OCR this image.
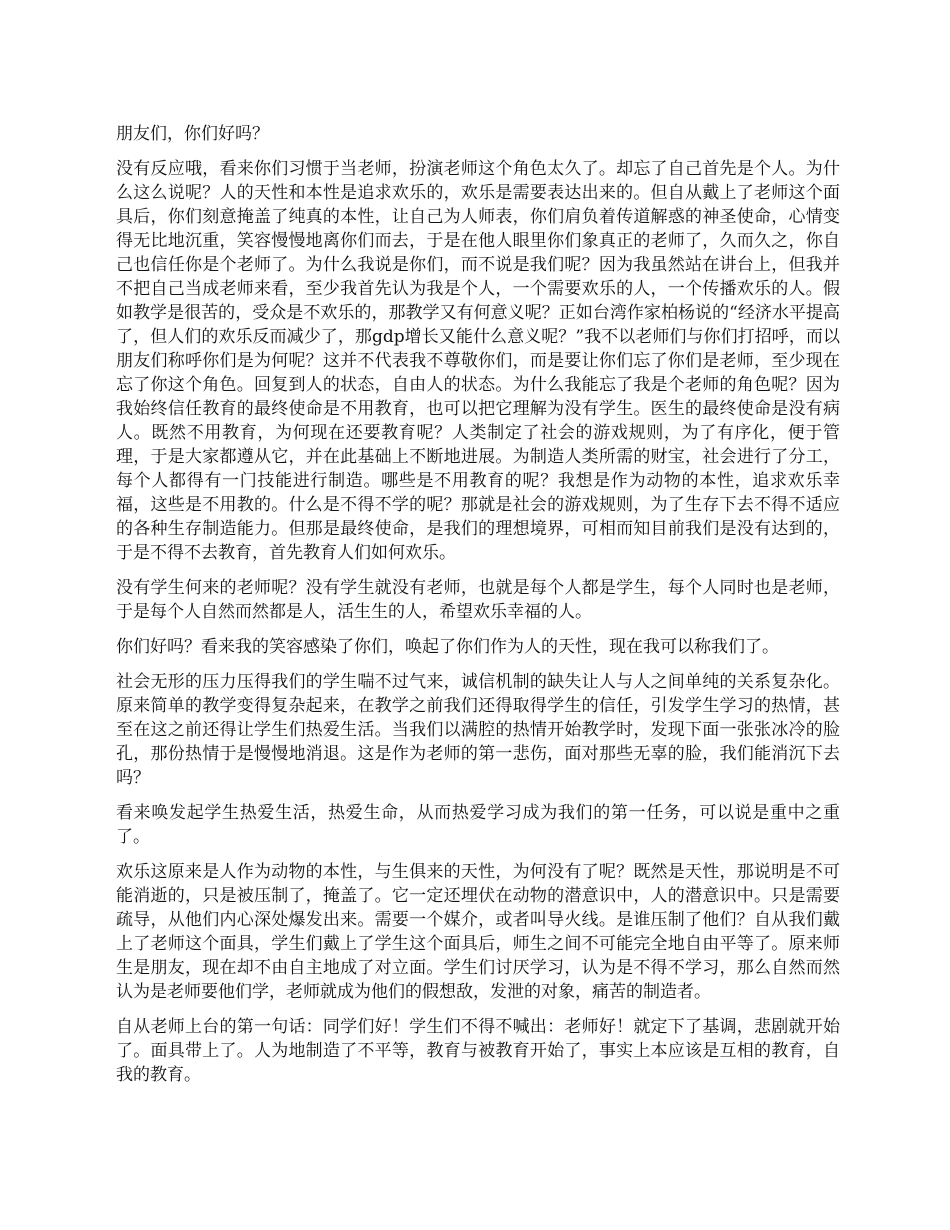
朋友们，你们好吗？

没有反应哦，看来你们习惯于当老师，扮演老师这个角色太久了。却忘了自己首先是个人。为什么这么说呢？人的天性和本性是追求欢乐的，欢乐是需要表达出来的。但自从戴上了老师这个面具后，你们刻意掩盖了纯真的本性，让自己为人师表，你们肩负着传道解惑的神圣使命，心情变得无比地沉重，笑容慢慢地离你们而去，于是在他人眼里你们象真正的老师了，久而久之，你自己也信任你是个老师了。为什么我说是你们，而不说是我们呢？因为我虽然站在讲台上，但我并不把自己当成老师来看，至少我首先认为我是个人，一个需要欢乐的人，一个传播欢乐的人。假如教学是很苦的，受众是不欢乐的，那教学又有何意义呢？正如台湾作家柏杨说的“经济水平提高了，但人们的欢乐反而减少了，那gdp增长又能什么意义呢？”我不以老师们与你们打招呼，而以朋友们称呼你们是为何呢？这并不代表我不尊敬你们，而是要让你们忘了你们是老师，至少现在忘了你这个角色。回复到人的状态，自由人的状态。为什么我能忘了我是个老师的角色呢？因为我始终信任教育的最终使命是不用教育，也可以把它理解为没有学生。医生的最终使命是没有病人。既然不用教育，为何现在还要教育呢？人类制定了社会的游戏规则，为了有序化，便于管理，于是大家都遵从它，并在此基础上不断地进展。为制造人类所需的财宝，社会进行了分工，每个人都得有一门技能进行制造。哪些是不用教育的呢？我想是作为动物的本性，追求欢乐幸福，这些是不用教的。什么是不得不学的呢？那就是社会的游戏规则，为了生存下去不得不适应的各种生存制造能力。但那是最终使命，是我们的理想境界，可相而知目前我们是没有达到的，于是不得不去教育，首先教育人们如何欢乐。

没有学生何来的老师呢？没有学生就没有老师，也就是每个人都是学生，每个人同时也是老师，于是每个人自然而然都是人，活生生的人，希望欢乐幸福的人。

你们好吗？看来我的笑容感染了你们，唤起了你们作为人的天性，现在我可以称我们了。

社会无形的压力压得我们的学生喘不过气来，诚信机制的缺失让人与人之间单纯的关系复杂化。原来简单的教学变得复杂起来，在教学之前我们还得取得学生的信任，引发学生学习的热情，甚至在这之前还得让学生们热爱生活。当我们以满腔的热情开始教学时，发现下面一张张冰冷的脸孔，那份热情于是慢慢地消退。这是作为老师的第一悲伤，面对那些无辜的脸，我们能消沉下去吗？

看来唤发起学生热爱生活，热爱生命，从而热爱学习成为我们的第一任务，可以说是重中之重了。

欢乐这原来是人作为动物的本性，与生俱来的天性，为何没有了呢？既然是天性，那说明是不可能消逝的，只是被压制了，掩盖了。它一定还埋伏在动物的潜意识中，人的潜意识中。只是需要疏导，从他们内心深处爆发出来。需要一个媒介，或者叫导火线。是谁压制了他们？自从我们戴上了老师这个面具，学生们戴上了学生这个面具后，师生之间不可能完全地自由平等了。原来师生是朋友，现在却不由自主地成了对立面。学生们讨厌学习，认为是不得不学习，那么自然而然认为是老师要他们学，老师就成为他们的假想敌，发泄的对象，痛苦的制造者。

自从老师上台的第一句话：同学们好！学生们不得不喊出：老师好！就定下了基调，悲剧就开始了。面具带上了。人为地制造了不平等，教育与被教育开始了，事实上本应该是互相的教育，自我的教育。
